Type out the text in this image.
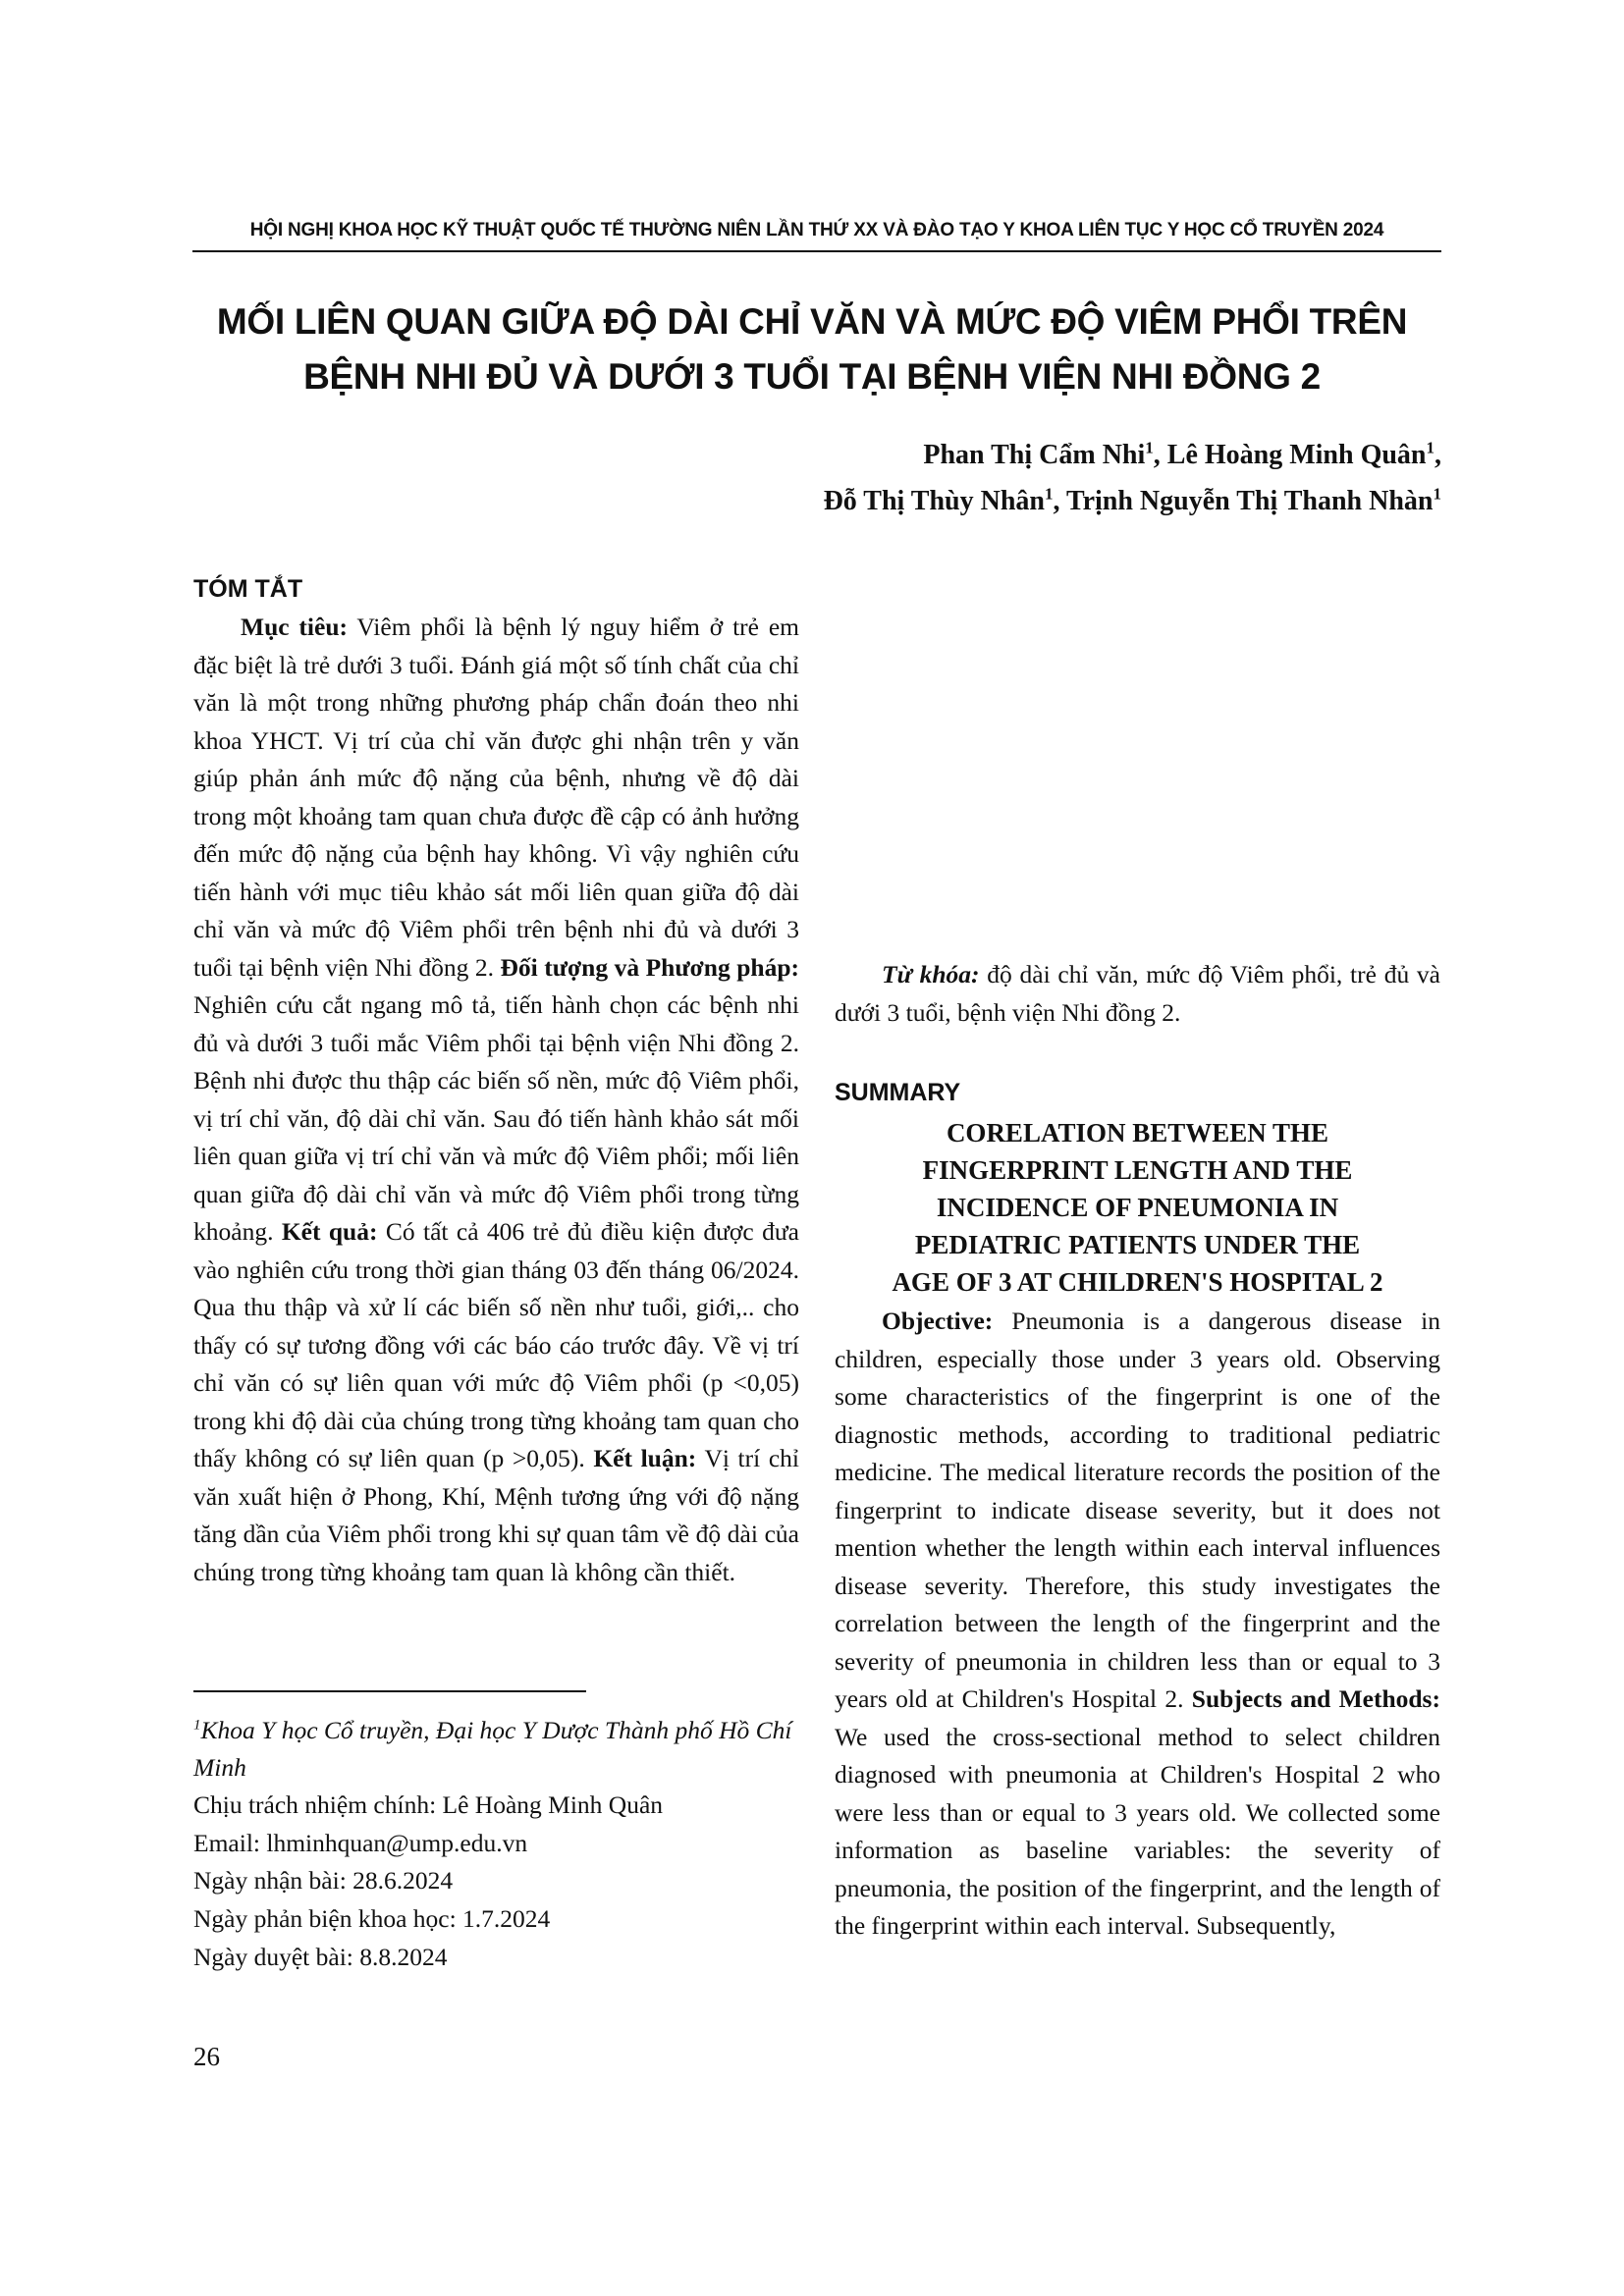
HỘI NGHỊ KHOA HỌC KỸ THUẬT QUỐC TẾ THƯỜNG NIÊN LẦN THỨ XX VÀ ĐÀO TẠO Y KHOA LIÊN TỤC Y HỌC CỔ TRUYỀN 2024
MỐI LIÊN QUAN GIỮA ĐỘ DÀI CHỈ VĂN VÀ MỨC ĐỘ VIÊM PHỔI TRÊN
BỆNH NHI ĐỦ VÀ DƯỚI 3 TUỔI TẠI BỆNH VIỆN NHI ĐỒNG 2
Phan Thị Cẩm Nhi$^1$, Lê Hoàng Minh Quân$^1$,
Đỗ Thị Thùy Nhân$^1$, Trịnh Nguyễn Thị Thanh Nhàn$^1$
TÓM TẮT

Mục tiêu: Viêm phổi là bệnh lý nguy hiểm ở trẻ em đặc biệt là trẻ dưới 3 tuổi. Đánh giá một số tính chất của chỉ văn là một trong những phương pháp chẩn đoán theo nhi khoa YHCT. Vị trí của chỉ văn được ghi nhận trên y văn giúp phản ánh mức độ nặng của bệnh, nhưng về độ dài trong một khoảng tam quan chưa được đề cập có ảnh hưởng đến mức độ nặng của bệnh hay không. Vì vậy nghiên cứu tiến hành với mục tiêu khảo sát mối liên quan giữa độ dài chỉ văn và mức độ Viêm phổi trên bệnh nhi đủ và dưới 3 tuổi tại bệnh viện Nhi đồng 2. Đối tượng và Phương pháp: Nghiên cứu cắt ngang mô tả, tiến hành chọn các bệnh nhi đủ và dưới 3 tuổi mắc Viêm phổi tại bệnh viện Nhi đồng 2. Bệnh nhi được thu thập các biến số nền, mức độ Viêm phổi, vị trí chỉ văn, độ dài chỉ văn. Sau đó tiến hành khảo sát mối liên quan giữa vị trí chỉ văn và mức độ Viêm phổi; mối liên quan giữa độ dài chỉ văn và mức độ Viêm phổi trong từng khoảng. Kết quả: Có tất cả 406 trẻ đủ điều kiện được đưa vào nghiên cứu trong thời gian tháng 03 đến tháng 06/2024. Qua thu thập và xử lí các biến số nền như tuổi, giới,.. cho thấy có sự tương đồng với các báo cáo trước đây. Về vị trí chỉ văn có sự liên quan với mức độ Viêm phổi (p <0,05) trong khi độ dài của chúng trong từng khoảng tam quan cho thấy không có sự liên quan (p >0,05). Kết luận: Vị trí chỉ văn xuất hiện ở Phong, Khí, Mệnh tương ứng với độ nặng tăng dần của Viêm phổi trong khi sự quan tâm về độ dài của chúng trong từng khoảng tam quan là không cần thiết.

Từ khóa: độ dài chỉ văn, mức độ Viêm phổi, trẻ đủ và dưới 3 tuổi, bệnh viện Nhi đồng 2.

SUMMARY
CORELATION BETWEEN THE
FINGERPRINT LENGTH AND THE
INCIDENCE OF PNEUMONIA IN
PEDIATRIC PATIENTS UNDER THE
AGE OF 3 AT CHILDREN'S HOSPITAL 2

Objective: Pneumonia is a dangerous disease in children, especially those under 3 years old. Observing some characteristics of the fingerprint is one of the diagnostic methods, according to traditional pediatric medicine. The medical literature records the position of the fingerprint to indicate disease severity, but it does not mention whether the length within each interval influences disease severity. Therefore, this study investigates the correlation between the length of the fingerprint and the severity of pneumonia in children less than or equal to 3 years old at Children's Hospital 2. Subjects and Methods: We used the cross-sectional method to select children diagnosed with pneumonia at Children's Hospital 2 who were less than or equal to 3 years old. We collected some information as baseline variables: the severity of pneumonia, the position of the fingerprint, and the length of the fingerprint within each interval. Subsequently,

$^1$Khoa Y học Cổ truyền, Đại học Y Dược Thành phố Hồ Chí Minh

Chịu trách nhiệm chính: Lê Hoàng Minh Quân

Email: lhminhquan@ump.edu.vn

Ngày nhận bài: 28.6.2024

Ngày phản biện khoa học: 1.7.2024

Ngày duyệt bài: 8.8.2024

26
